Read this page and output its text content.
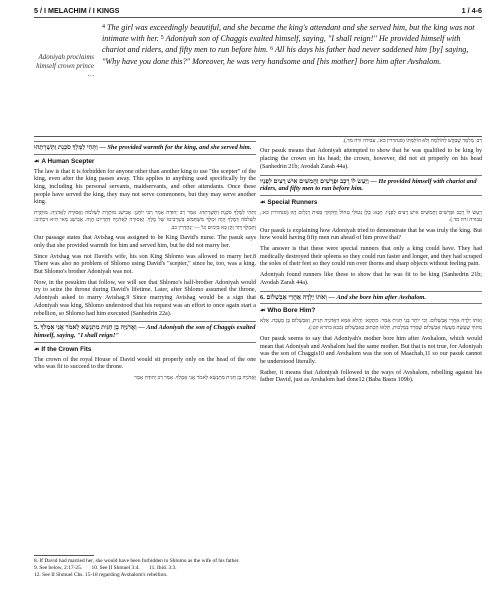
5 / I MELACHIM / I KINGS	1 / 4-6
Adoniyah proclaims himself crown prince …
$^4$ The girl was exceedingly beautiful, and she became the king's attendant and she served him, but the king was not intimate with her. $^5$ Adoniyah son of Chaggis exalted himself, saying, "I shall reign!" He provided himself with chariot and riders, and fifty men to run before him. $^6$ All his days his father had never saddened him [by] saying, "Why have you done this?" Moreover, he was very handsome and [his mother] bore him after Avshalom.
וַתְּהִי לַמֶּלֶךְ סֹכֶנֶת וַתְּשָׁרְתֵהוּ — She provided warmth for the king, and she served him.
☙ A Human Scepter

The law is that it is forbidden for anyone other than another king to use "the scepter" of the king, even after the king passes away. This applies to anything used specifically by the king, including his personal servants, maidservants, and other attendants. Once these people have served the king, they may not serve commoners, but they may serve another king.

וַתְּהִי לַמֶּלֶךְ סֹכֶנֶת וַתְּשָׁרְתֵהוּ. אָמַר רַב יְהוּדָה אָמַר רַבִּי יוֹחָנָן: אֲבִישַׁג מוּתֶּרֶת לִשְׁלֹמֹה וַאֲסוּרָה לַאֲדֹנִיָּה. מוּתֶּרֶת לִשְׁלֹמֹה דְּמֶלֶךְ הֲוָה וּמֶלֶךְ מִשְׁתַּמֵּשׁ בְּשַׁרְבִיטוֹ שֶׁל מֶלֶךְ. וַאֲסוּרָה לַאֲדֹנִיָּה דְּהֶדְיוֹט הֲוָה. אֲבִישַׁג מַאי הִיא דִּכְתִיב: וְהַמֶּלֶךְ דָּוִד זָקֵן בָּא בַּיָּמִים וְגוֹ' — יַנְהֶדְרִין כב.

Our passage states that Avishag was assigned to be King David's nurse. The pasuk says only that she provided warmth for him and served him, but he did not marry her.

Since Avishag was not David's wife, his son King Shlomo was allowed to marry her.8 There was also no problem of Shlomo using David's "scepter," since he, too, was a king. But Shlomo's brother Adoniyah was not.

Now, in the pesukim that follow, we will see that Shlomo's half-brother Adoniyah would try to seize the throne during David's lifetime. Later, after Shlomo assumed the throne, Adoniyah asked to marry Avishag.9 Since marrying Avishag would be a sign that Adoniyah was king, Shlomo understood that his request was an effort to once again start a rebellion, so Shlomo had him executed (Sanhedrin 22a).

5. וַאֲדֹנִיָּה בֶן חַגִּית מִתְנַשֵּׂא לֵאמֹר אֲנִי אֶמְלֹךְ — And Adoniyah the son of Chaggis exalted himself, saying, "I shall reign!"
☙ If the Crown Fits

The crown of the royal House of David would sit properly only on the head of the one who was fit to succeed to the throne.

וַאֲדֹנִיָּה בֶן חַגִּית מִתְנַשֵּׂא לֵאמֹר אֲנִי אֶמְלֹךְ. אָמַר רַב יְהוּדָה אָמַר

רַב: מְלַמֵּד שֶׁבִּקֵּשׁ לְהוֹלְמָהּ וְלֹא הוֹלַמְתּוֹ (סנהדרין כא:, עבודה זרה מד.).

Our pasuk means that Adoniyah attempted to show that he was qualified to be king by placing the crown on his head; the crown, however, did not sit properly on his head (Sanhedrin 21b; Avodah Zarah 44a).

וַיַּעַשׂ לוֹ רֶכֶב וּפָרָשִׁים וַחֲמִשִּׁים אִישׁ רָצִים לְפָנָיו — He provided himself with chariot and riders, and fifty men to run before him.
☙ Special Runners

וַיַּעַשׂ לוֹ רֶכֶב וּפָרָשִׁים וַחֲמִשִּׁים אִישׁ רָצִים לְפָנָיו. תָּנָא: כֻּלָּן נְטוּלֵי טְחוֹל וַחֲקוּקֵי כַּפּוֹת רַגְלַיִם הֲווּ (סנהדרין כא:, עבודה זרה מד.).

Our pasuk is explaining how Adoniyah tried to demonstrate that he was truly the king. But how would having fifty men run ahead of him prove that?

The answer is that these were special runners that only a king could have. They had medically destroyed their spleens so they could run faster and longer, and they had scraped the soles of their feet so they could run over thorns and sharp objects without feeling pain.

Adoniyah found runners like these to show that he was fit to be king (Sanhedrin 21b; Avodah Zarah 44a).

6. וְאֹתוֹ יָלְדָה אַחֲרֵי אַבְשָׁלוֹם — And she bore him after Avshalom.
☙ Who Bore Him?

וְאֹתוֹ יָלְדָה אַחֲרֵי אַבְשָׁלוֹם. וְכִי יוֹתֵר בְּנֵי חַגִּית אָמַר. מִתְקָא: וַהֲלֹא אִמָּא דַּאֲדֹנִיָּה חַגִּית, וְאַבְשָׁלוֹם בֶּן מַעֲכָה. אֶלָּא מִתּוֹךְ שֶׁעָשָׂה מַעֲשֵׂה אַבְשָׁלוֹם שֶׁמָּרַד בְּמַלְכוּת, תְּלָאוֹ הַכָּתוּב בְּאַבְשָׁלוֹם (בבא בתרא קט:).

Our pasuk seems to say that Adoniyah's mother bore him after Avshalom, which would mean that Adoniyah and Avshalom had the same mother. But that is not true, for Adoniyah was the son of Chaggis10 and Avshalom was the son of Maachah,11 so our pasuk cannot be understood literally.

Rather, it means that Adoniyah followed in the ways of Avshalom, rebelling against his father David, just as Avshalom had done12 (Baba Basra 109b).

8. If David had married her, she would have been forbidden to Shlomo as the wife of his father.
9. See below, 2:17-25. 10. See II Shmuel 3:4. 11. Ibid. 3:3.
12. See II Shmuel Chs. 15-18 regarding Avshalom's rebellion.
